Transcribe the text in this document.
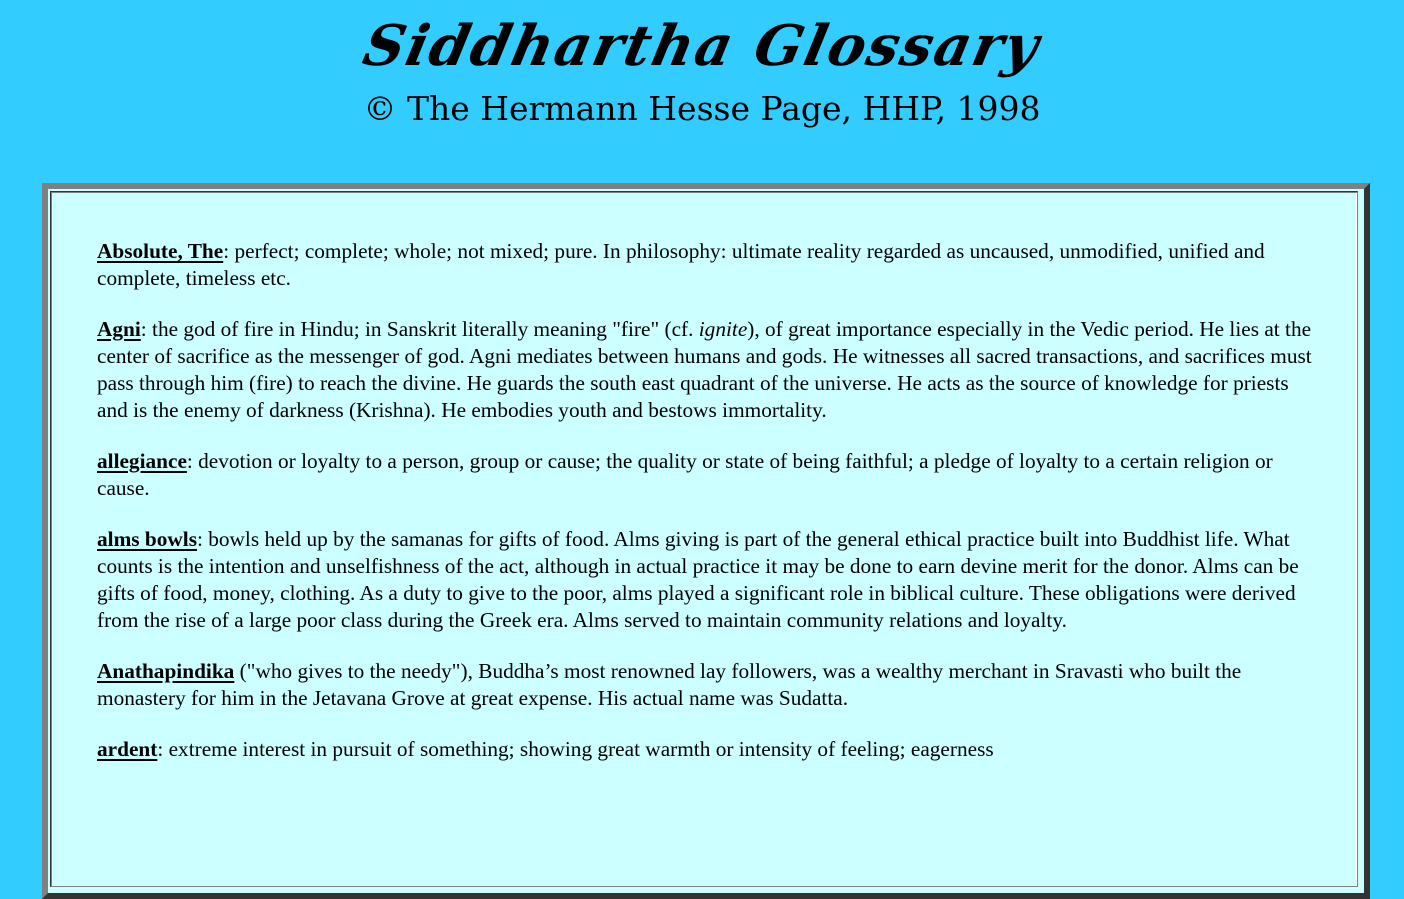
Siddhartha Glossary
© The Hermann Hesse Page, HHP, 1998

Absolute, The: perfect; complete; whole; not mixed; pure. In philosophy: ultimate reality regarded as uncaused, unmodified, unified and complete, timeless etc.

Agni: the god of fire in Hindu; in Sanskrit literally meaning "fire" (cf. ignite), of great importance especially in the Vedic period. He lies at the center of sacrifice as the messenger of god. Agni mediates between humans and gods. He witnesses all sacred transactions, and sacrifices must pass through him (fire) to reach the divine. He guards the south east quadrant of the universe. He acts as the source of knowledge for priests and is the enemy of darkness (Krishna). He embodies youth and bestows immortality.

allegiance: devotion or loyalty to a person, group or cause; the quality or state of being faithful; a pledge of loyalty to a certain religion or cause.

alms bowls: bowls held up by the samanas for gifts of food. Alms giving is part of the general ethical practice built into Buddhist life. What counts is the intention and unselfishness of the act, although in actual practice it may be done to earn devine merit for the donor. Alms can be gifts of food, money, clothing. As a duty to give to the poor, alms played a significant role in biblical culture. These obligations were derived from the rise of a large poor class during the Greek era. Alms served to maintain community relations and loyalty.

Anathapindika ("who gives to the needy"), Buddha’s most renowned lay followers, was a wealthy merchant in Sravasti who built the monastery for him in the Jetavana Grove at great expense. His actual name was Sudatta.

ardent: extreme interest in pursuit of something; showing great warmth or intensity of feeling; eagerness
